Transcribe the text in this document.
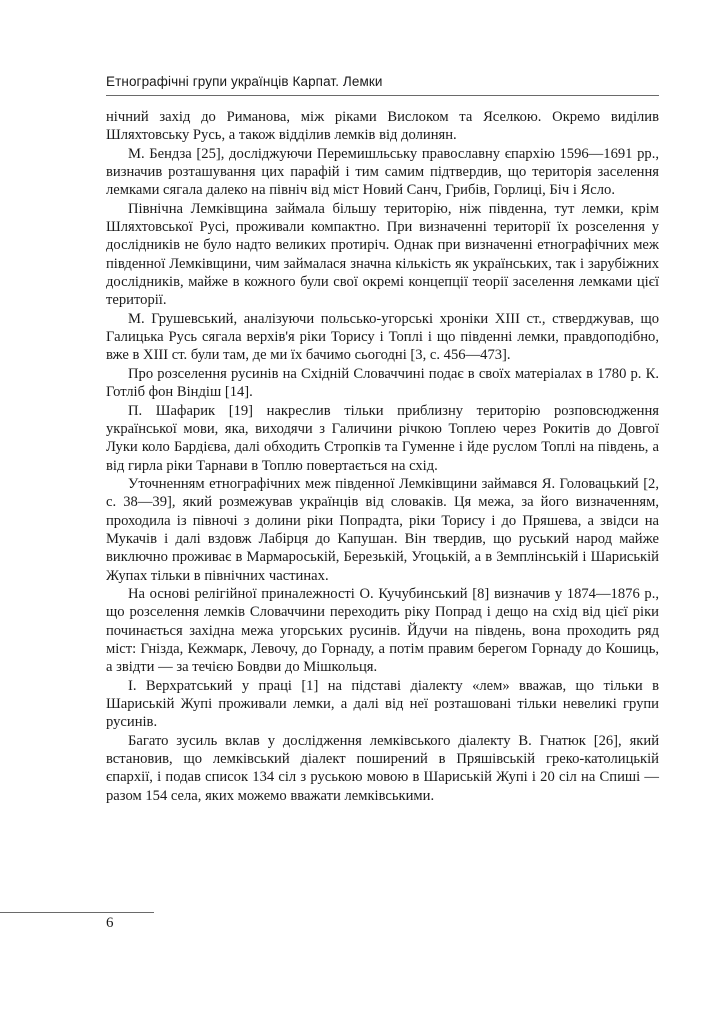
Етнографічні групи українців Карпат. Лемки

нічний захід до Риманова, між ріками Вислоком та Яселкою. Окремо виділив Шляхтовську Русь, а також відділив лемків від долинян.

М. Бендза [25], досліджуючи Перемишльську православну єпархію 1596—1691 рр., визначив розташування цих парафій і тим самим підтвердив, що територія заселення лемками сягала далеко на північ від міст Новий Санч, Грибів, Горлиці, Біч і Ясло.

Північна Лемківщина займала більшу територію, ніж південна, тут лемки, крім Шляхтовської Русі, проживали компактно. При визначенні території їх розселення у дослідників не було надто великих протиріч. Однак при визначенні етнографічних меж південної Лемківщини, чим займалася значна кількість як українських, так і зарубіжних дослідників, майже в кожного були свої окремі концепції теорії заселення лемками цієї території.

М. Грушевський, аналізуючи польсько-угорські хроніки XIII ст., стверджував, що Галицька Русь сягала верхів'я ріки Торису і Топлі і що південні лемки, правдоподібно, вже в XIII ст. були там, де ми їх бачимо сьогодні [3, с. 456—473].

Про розселення русинів на Східній Словаччині подає в своїх матеріалах в 1780 р. К. Готліб фон Віндіш [14].

П. Шафарик [19] накреслив тільки приблизну територію розповсюдження української мови, яка, виходячи з Галичини річкою Топлею через Рокитів до Довгої Луки коло Бардієва, далі обходить Стропків та Гуменне і йде руслом Топлі на південь, а від гирла ріки Тарнави в Топлю повертається на схід.

Уточненням етнографічних меж південної Лемківщини займався Я. Головацький [2, с. 38—39], який розмежував українців від словаків. Ця межа, за його визначенням, проходила із півночі з долини ріки Попрадта, ріки Торису і до Пряшева, а звідси на Мукачів і далі вздовж Лабірця до Капушан. Він твердив, що руський народ майже виключно проживає в Мармароській, Березькій, Угоцькій, а в Земплінській і Шариській Жупах тільки в північних частинах.

На основі релігійної приналежності О. Кучубинський [8] визначив у 1874—1876 р., що розселення лемків Словаччини переходить ріку Попрад і дещо на схід від цієї ріки починається західна межа угорських русинів. Йдучи на південь, вона проходить ряд міст: Гнізда, Кежмарк, Левочу, до Горнаду, а потім правим берегом Горнаду до Кошиць, а звідти — за течією Бовдви до Мішкольця.

І. Верхратський у праці [1] на підставі діалекту «лем» вважав, що тільки в Шариській Жупі проживали лемки, а далі від неї розташовані тільки невеликі групи русинів.

Багато зусиль вклав у дослідження лемківського діалекту В. Гнатюк [26], який встановив, що лемківський діалект поширений в Пряшівській греко-католицькій єпархії, і подав список 134 сіл з руською мовою в Шариській Жупі і 20 сіл на Спиші — разом 154 села, яких можемо вважати лемківськими.

6
